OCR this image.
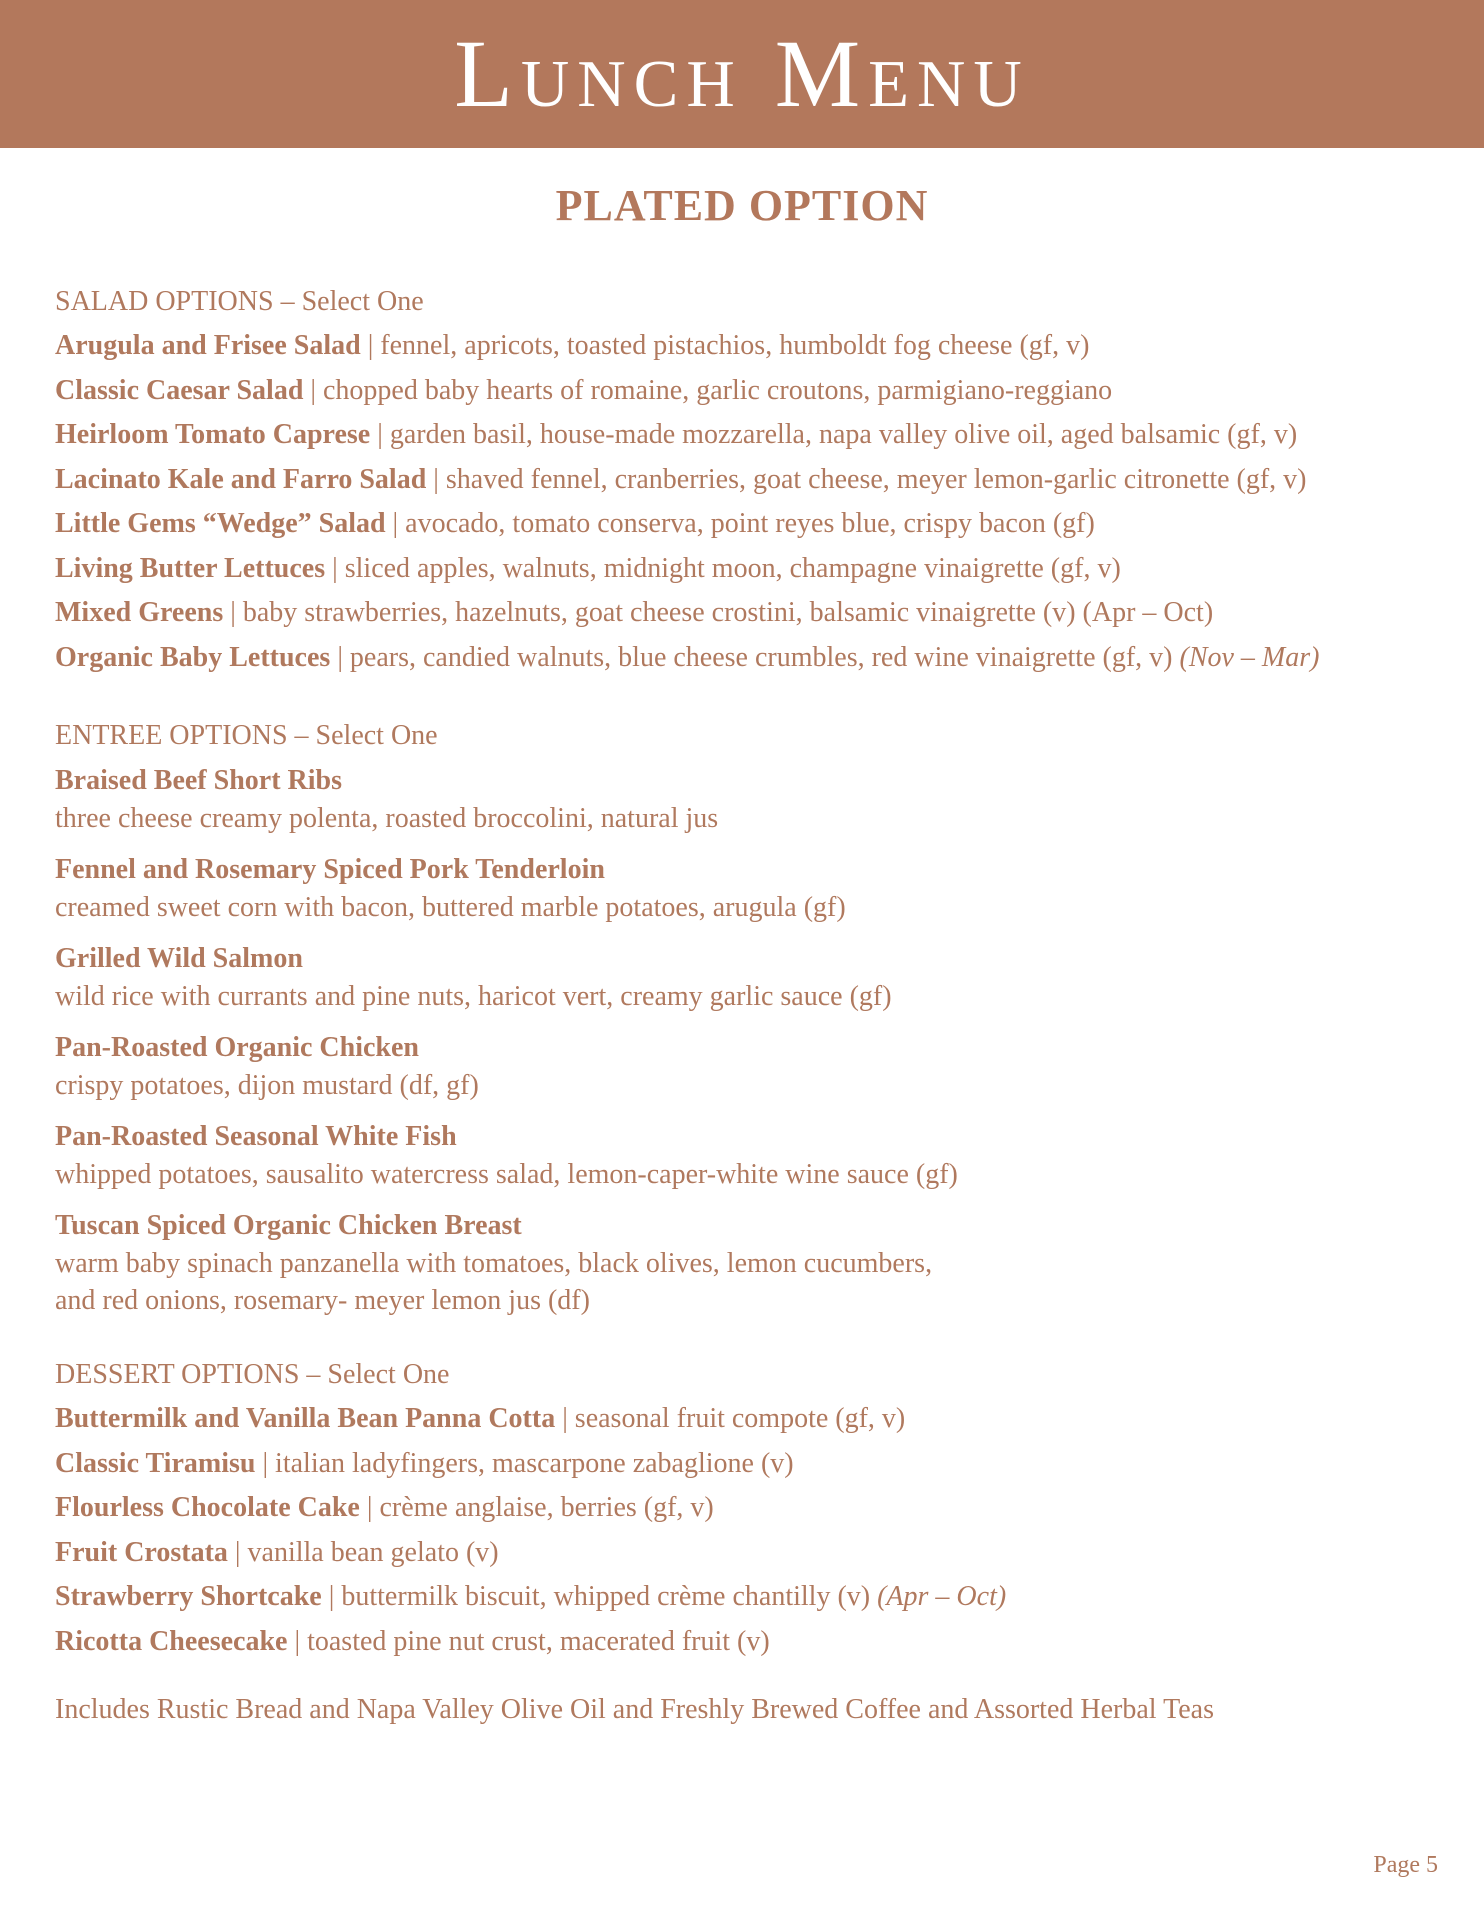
Lunch Menu
PLATED OPTION
SALAD OPTIONS – Select One
Arugula and Frisee Salad | fennel, apricots, toasted pistachios, humboldt fog cheese (gf, v)
Classic Caesar Salad | chopped baby hearts of romaine, garlic croutons, parmigiano-reggiano
Heirloom Tomato Caprese | garden basil, house-made mozzarella, napa valley olive oil, aged balsamic (gf, v)
Lacinato Kale and Farro Salad | shaved fennel, cranberries, goat cheese, meyer lemon-garlic citronette (gf, v)
Little Gems “Wedge” Salad | avocado, tomato conserva, point reyes blue, crispy bacon (gf)
Living Butter Lettuces | sliced apples, walnuts, midnight moon, champagne vinaigrette (gf, v)
Mixed Greens | baby strawberries, hazelnuts, goat cheese crostini, balsamic vinaigrette (v) (Apr – Oct)
Organic Baby Lettuces | pears, candied walnuts, blue cheese crumbles, red wine vinaigrette (gf, v) (Nov – Mar)
ENTREE OPTIONS – Select One
Braised Beef Short Ribs
three cheese creamy polenta, roasted broccolini, natural jus
Fennel and Rosemary Spiced Pork Tenderloin
creamed sweet corn with bacon, buttered marble potatoes, arugula (gf)
Grilled Wild Salmon
wild rice with currants and pine nuts, haricot vert, creamy garlic sauce (gf)
Pan-Roasted Organic Chicken
crispy potatoes, dijon mustard (df, gf)
Pan-Roasted Seasonal White Fish
whipped potatoes, sausalito watercress salad, lemon-caper-white wine sauce (gf)
Tuscan Spiced Organic Chicken Breast
warm baby spinach panzanella with tomatoes, black olives, lemon cucumbers,
and red onions, rosemary- meyer lemon jus (df)
DESSERT OPTIONS – Select One
Buttermilk and Vanilla Bean Panna Cotta | seasonal fruit compote (gf, v)
Classic Tiramisu | italian ladyfingers, mascarpone zabaglione (v)
Flourless Chocolate Cake | crème anglaise, berries (gf, v)
Fruit Crostata | vanilla bean gelato (v)
Strawberry Shortcake | buttermilk biscuit, whipped crème chantilly (v) (Apr – Oct)
Ricotta Cheesecake | toasted pine nut crust, macerated fruit (v)
Includes Rustic Bread and Napa Valley Olive Oil and Freshly Brewed Coffee and Assorted Herbal Teas
Page 5
